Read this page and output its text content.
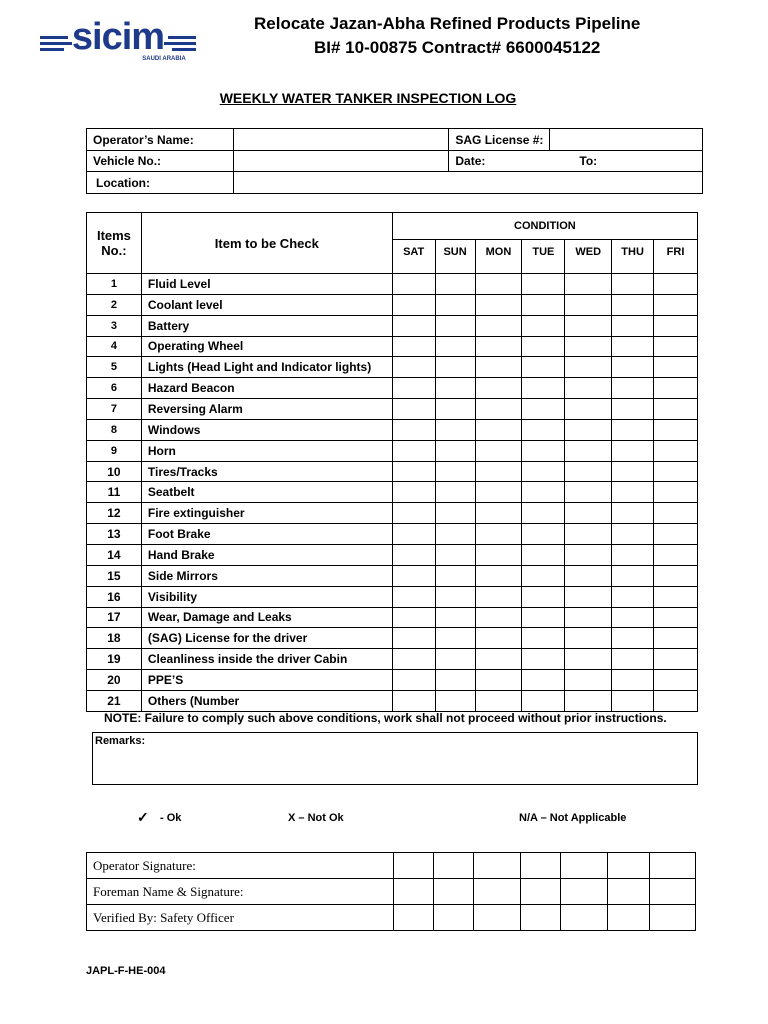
sicim
SAUDI ARABIA
Relocate Jazan-Abha Refined Products Pipeline
BI# 10-00875 Contract# 6600045122
WEEKLY WATER TANKER INSPECTION LOG
Operator’s Name:		SAG License #:	
Vehicle No.:		Date: To:	

Location:			
Items No.:	Item to be Check	CONDITION						
		SAT	SUN	MON	TUE	WED	THU	FRI
1	Fluid Level							
2	Coolant level							
3	Battery							
4	Operating Wheel							
5	Lights (Head Light and Indicator lights)							
6	Hazard Beacon							
7	Reversing Alarm							
8	Windows							
9	Horn							
10	Tires/Tracks							
11	Seatbelt							
12	Fire extinguisher							
13	Foot Brake							
14	Hand Brake							
15	Side Mirrors							
16	Visibility							
17	Wear, Damage and Leaks							
18	(SAG) License for the driver							
19	Cleanliness inside the driver Cabin							
20	PPE’S							
21	Others (Number							
NOTE: Failure to comply such above conditions, work shall not proceed without prior instructions.
Remarks:
✓ - Ok	X – Not Ok	N/A – Not Applicable
Operator Signature:							
Foreman Name & Signature:							
Verified By: Safety Officer							
JAPL-F-HE-004
